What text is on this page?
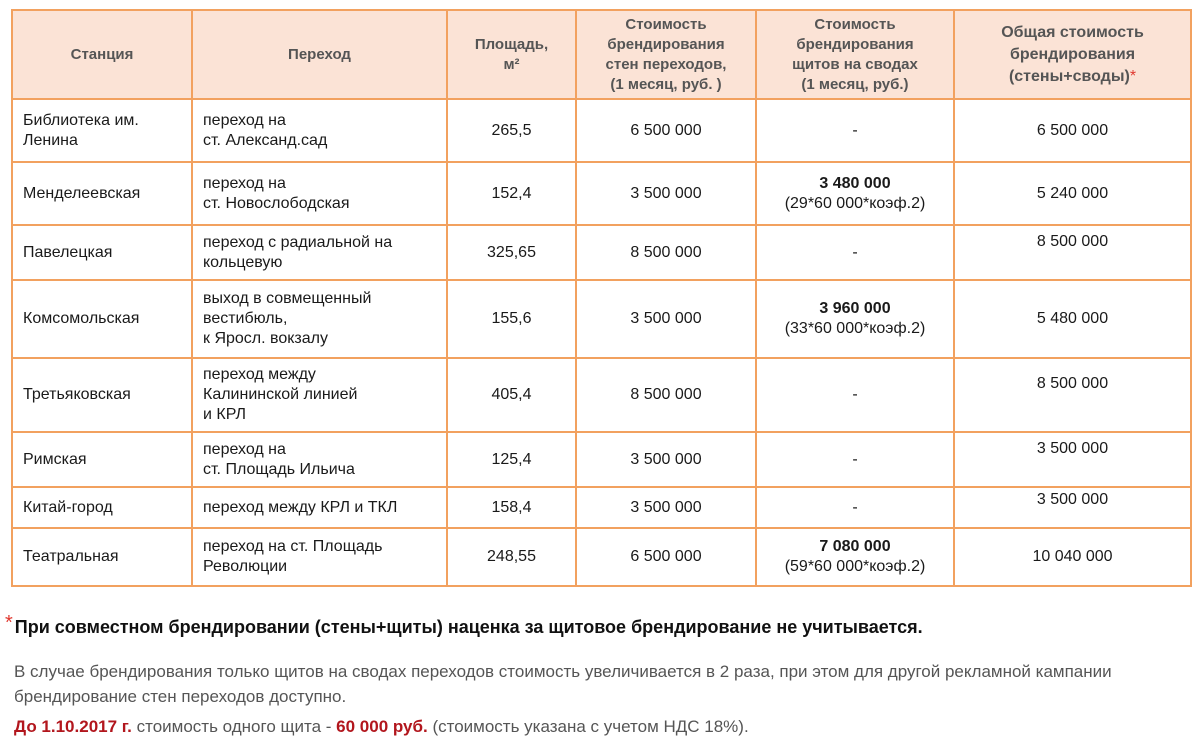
Станция	Переход	Площадь,
м²	Стоимость
брендирования
стен переходов,
(1 месяц, руб. )	Стоимость
брендирования
щитов на сводах
(1 месяц, руб.)	Общая стоимость
брендирования
(стены+своды)*
Библиотека им.
Ленина	переход на
ст. Александ.сад	265,5	6 500 000	-	6 500 000
Менделеевская	переход на
ст. Новослободская	152,4	3 500 000	3 480 000
(29*60 000*коэф.2)	5 240 000
Павелецкая	переход с радиальной на
кольцевую	325,65	8 500 000	-	8 500 000
Комсомольская	выход в совмещенный
вестибюль,
к Яросл. вокзалу	155,6	3 500 000	3 960 000
(33*60 000*коэф.2)	5 480 000
Третьяковская	переход между
Калининской линией
и КРЛ	405,4	8 500 000	-	8 500 000
Римская	переход на
ст. Площадь Ильича	125,4	3 500 000	-	3 500 000
Китай-город	переход между КРЛ и ТКЛ	158,4	3 500 000	-	3 500 000
Театральная	переход на ст. Площадь
Революции	248,55	6 500 000	7 080 000
(59*60 000*коэф.2)	10 040 000
* При совместном брендировании (стены+щиты) наценка за щитовое брендирование не учитывается.
В случае брендирования только щитов на сводах переходов стоимость увеличивается в 2 раза, при этом для другой рекламной кампании брендирование стен переходов доступно.
До 1.10.2017 г. стоимость одного щита - 60 000 руб. (стоимость указана с учетом НДС 18%).
